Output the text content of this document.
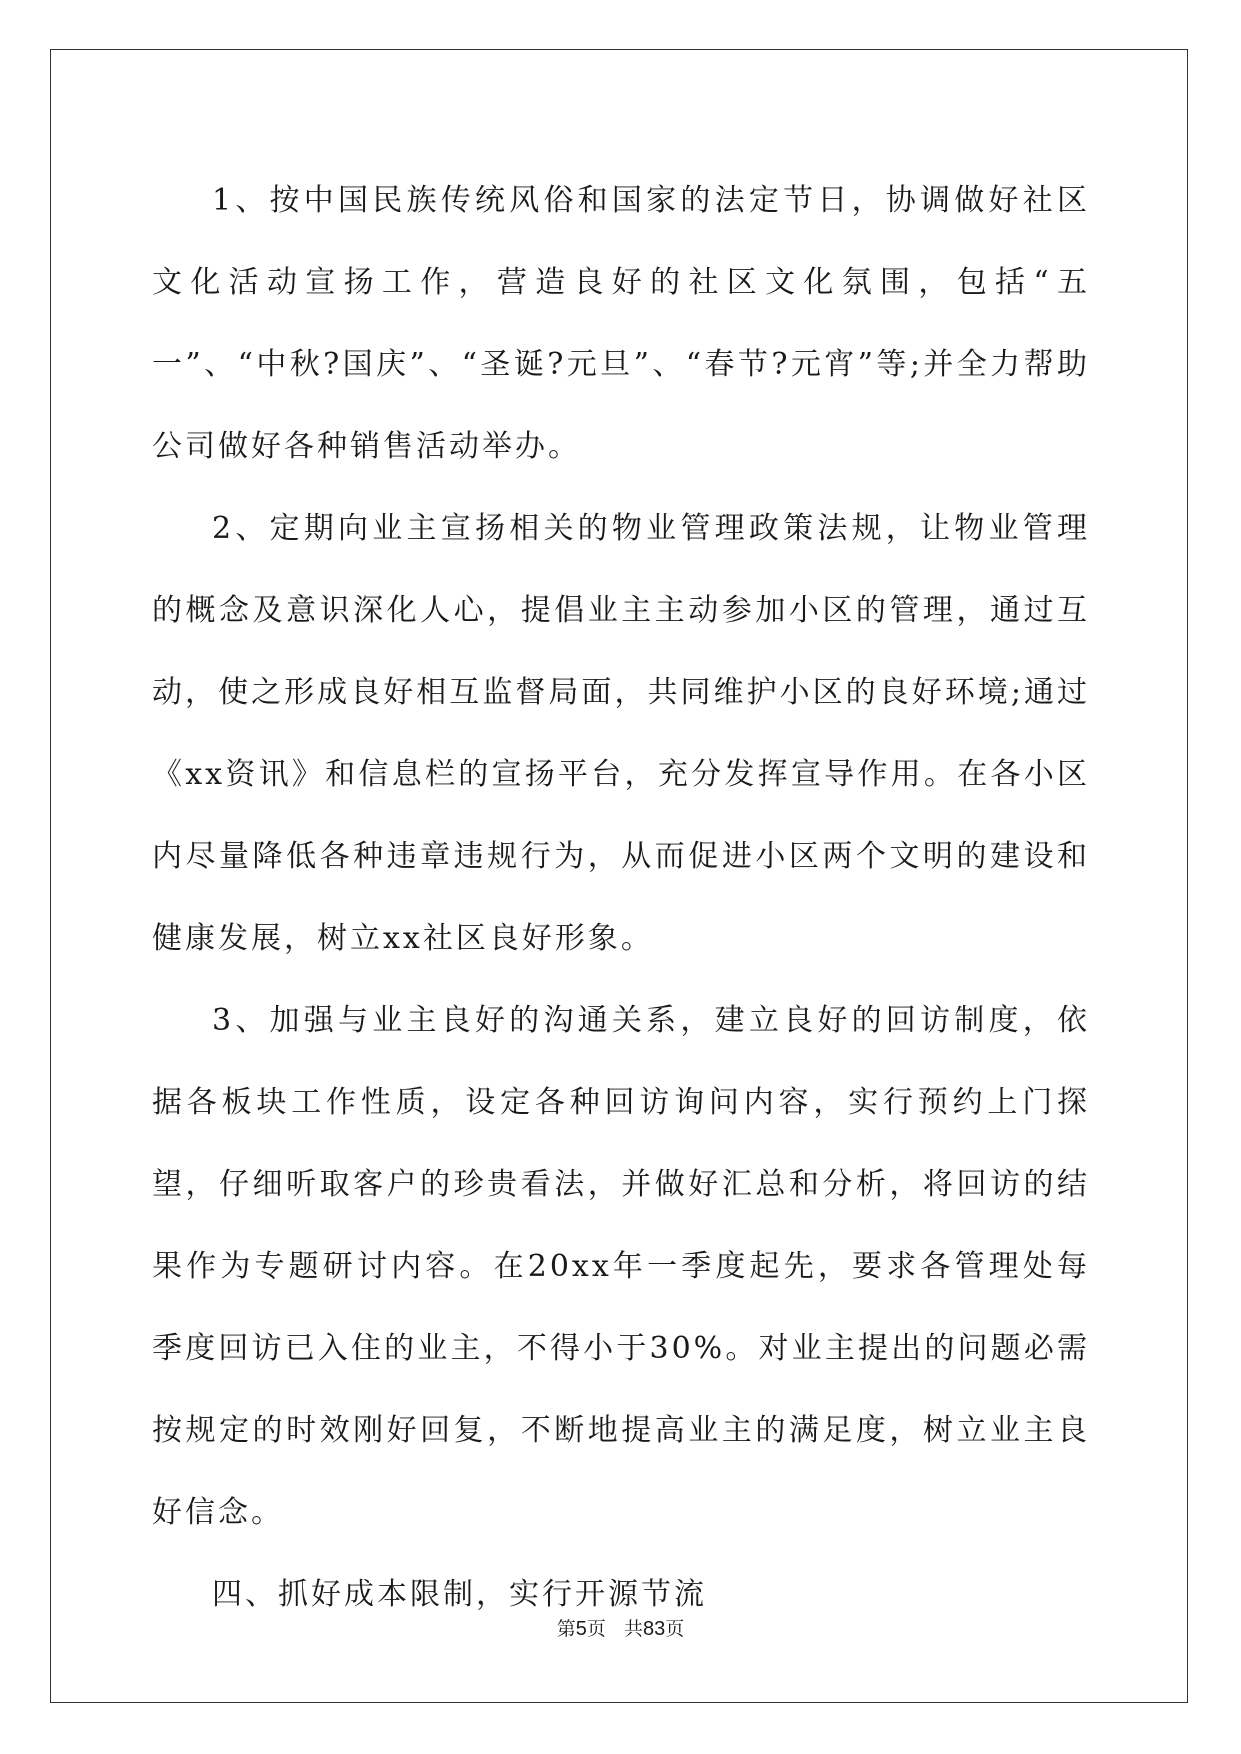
1、按中国民族传统风俗和国家的法定节日，协调做好社区文化活动宣扬工作，营造良好的社区文化氛围，包括“五一”、“中秋?国庆”、“圣诞?元旦”、“春节?元宵”等;并全力帮助公司做好各种销售活动举办。

2、定期向业主宣扬相关的物业管理政策法规，让物业管理的概念及意识深化人心，提倡业主主动参加小区的管理，通过互动，使之形成良好相互监督局面，共同维护小区的良好环境;通过《xx资讯》和信息栏的宣扬平台，充分发挥宣导作用。在各小区内尽量降低各种违章违规行为，从而促进小区两个文明的建设和健康发展，树立xx社区良好形象。

3、加强与业主良好的沟通关系，建立良好的回访制度，依据各板块工作性质，设定各种回访询问内容，实行预约上门探望，仔细听取客户的珍贵看法，并做好汇总和分析，将回访的结果作为专题研讨内容。在20xx年一季度起先，要求各管理处每季度回访已入住的业主，不得小于30%。对业主提出的问题必需按规定的时效刚好回复，不断地提高业主的满足度，树立业主良好信念。

四、抓好成本限制，实行开源节流

第5页 共83页
